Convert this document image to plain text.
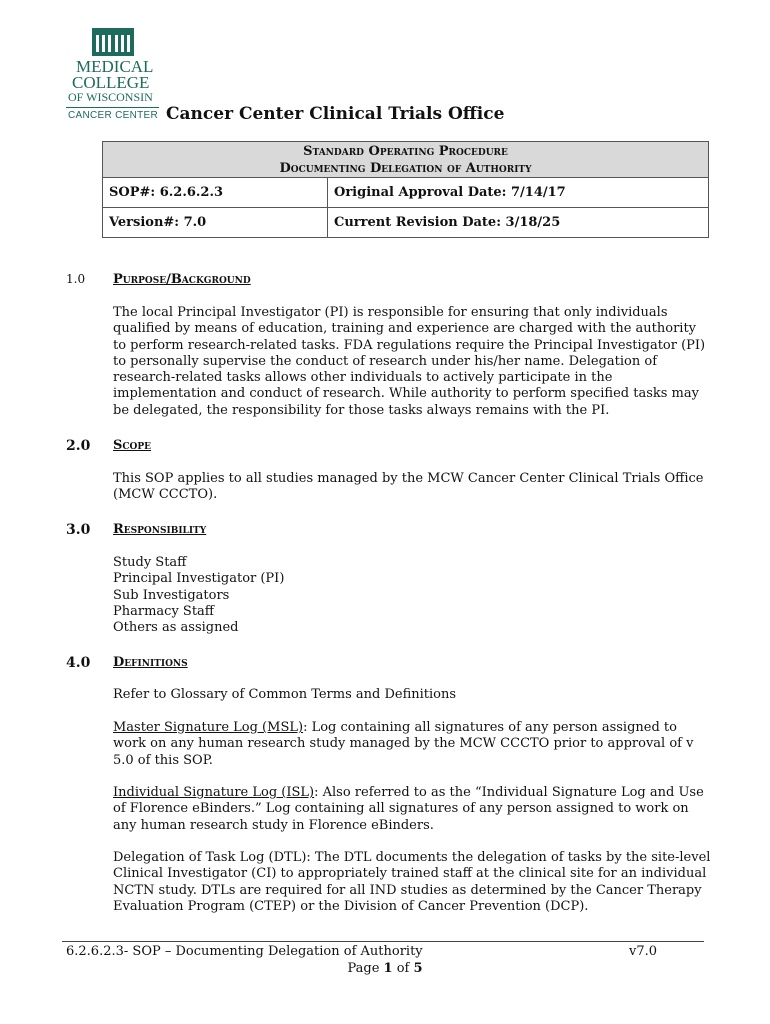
MEDICAL
COLLEGE
OF WISCONSIN
CANCER CENTER Cancer Center Clinical Trials Office
Standard Operating Procedure
Documenting Delegation of Authority	
SOP#: 6.2.6.2.3	Original Approval Date: 7/14/17
Version#: 7.0	Current Revision Date: 3/18/25
1.0 Purpose/Background
The local Principal Investigator (PI) is responsible for ensuring that only individuals qualified by means of education, training and experience are charged with the authority to perform research-related tasks. FDA regulations require the Principal Investigator (PI) to personally supervise the conduct of research under his/her name. Delegation of research-related tasks allows other individuals to actively participate in the implementation and conduct of research. While authority to perform specified tasks may be delegated, the responsibility for those tasks always remains with the PI.
2.0 Scope
This SOP applies to all studies managed by the MCW Cancer Center Clinical Trials Office (MCW CCCTO).
3.0 Responsibility
Study Staff
Principal Investigator (PI)
Sub Investigators
Pharmacy Staff
Others as assigned
4.0 Definitions
Refer to Glossary of Common Terms and Definitions
Master Signature Log (MSL): Log containing all signatures of any person assigned to work on any human research study managed by the MCW CCCTO prior to approval of v 5.0 of this SOP.
Individual Signature Log (ISL): Also referred to as the “Individual Signature Log and Use of Florence eBinders.” Log containing all signatures of any person assigned to work on any human research study in Florence eBinders.
Delegation of Task Log (DTL): The DTL documents the delegation of tasks by the site-level Clinical Investigator (CI) to appropriately trained staff at the clinical site for an individual NCTN study. DTLs are required for all IND studies as determined by the Cancer Therapy Evaluation Program (CTEP) or the Division of Cancer Prevention (DCP).
6.2.6.2.3- SOP – Documenting Delegation of Authority	v7.0
Page 1 of 5
